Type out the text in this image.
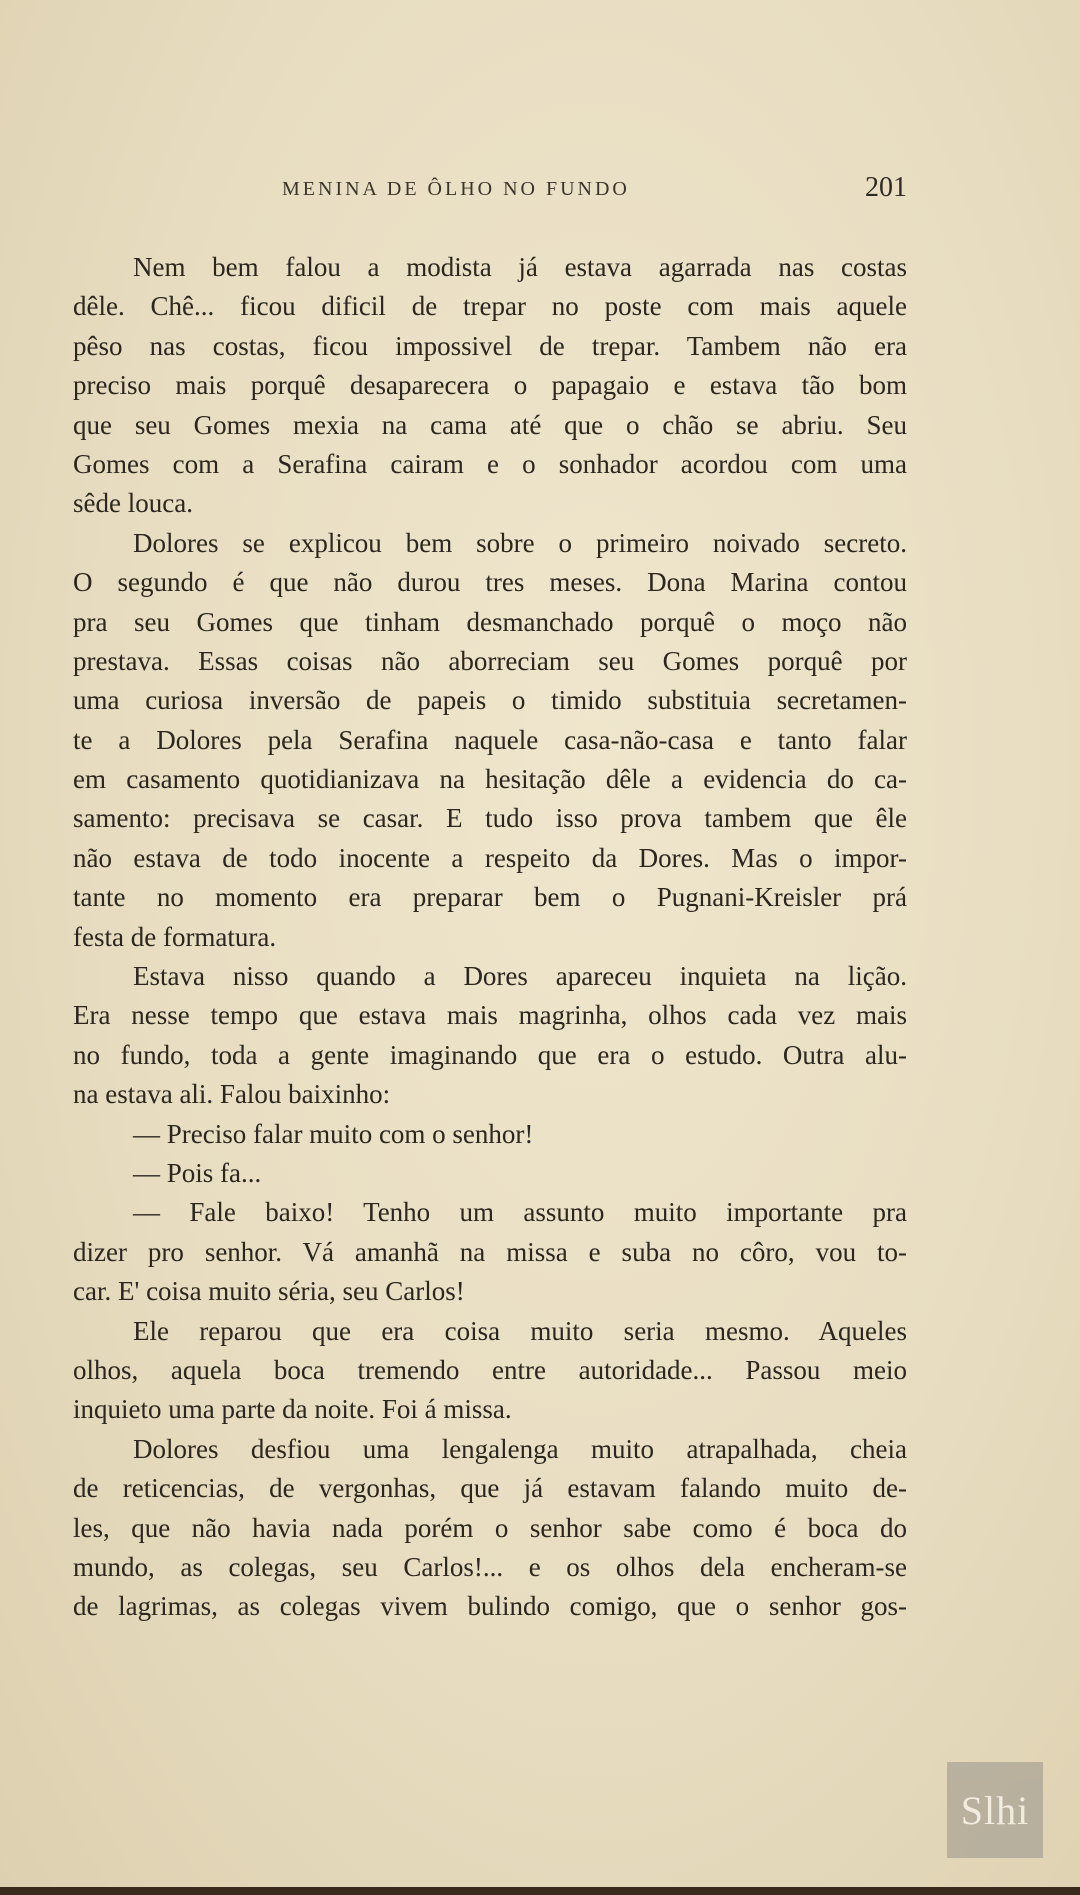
MENINA DE ÔLHO NO FUNDO	201
Nem bem falou a modista já estava agarrada nas costas
dêle. Chê... ficou dificil de trepar no poste com mais aquele
pêso nas costas, ficou impossivel de trepar. Tambem não era
preciso mais porquê desaparecera o papagaio e estava tão bom
que seu Gomes mexia na cama até que o chão se abriu. Seu
Gomes com a Serafina cairam e o sonhador acordou com uma
sêde louca.
Dolores se explicou bem sobre o primeiro noivado secreto.
O segundo é que não durou tres meses. Dona Marina contou
pra seu Gomes que tinham desmanchado porquê o moço não
prestava. Essas coisas não aborreciam seu Gomes porquê por
uma curiosa inversão de papeis o timido substituia secretamen-
te a Dolores pela Serafina naquele casa-não-casa e tanto falar
em casamento quotidianizava na hesitação dêle a evidencia do ca-
samento: precisava se casar. E tudo isso prova tambem que êle
não estava de todo inocente a respeito da Dores. Mas o impor-
tante no momento era preparar bem o Pugnani-Kreisler prá
festa de formatura.
Estava nisso quando a Dores apareceu inquieta na lição.
Era nesse tempo que estava mais magrinha, olhos cada vez mais
no fundo, toda a gente imaginando que era o estudo. Outra alu-
na estava ali. Falou baixinho:
— Preciso falar muito com o senhor!
— Pois fa...
— Fale baixo! Tenho um assunto muito importante pra
dizer pro senhor. Vá amanhã na missa e suba no côro, vou to-
car. E' coisa muito séria, seu Carlos!
Ele reparou que era coisa muito seria mesmo. Aqueles
olhos, aquela boca tremendo entre autoridade... Passou meio
inquieto uma parte da noite. Foi á missa.
Dolores desfiou uma lengalenga muito atrapalhada, cheia
de reticencias, de vergonhas, que já estavam falando muito de-
les, que não havia nada porém o senhor sabe como é boca do
mundo, as colegas, seu Carlos!... e os olhos dela encheram-se
de lagrimas, as colegas vivem bulindo comigo, que o senhor gos-
Slhi
